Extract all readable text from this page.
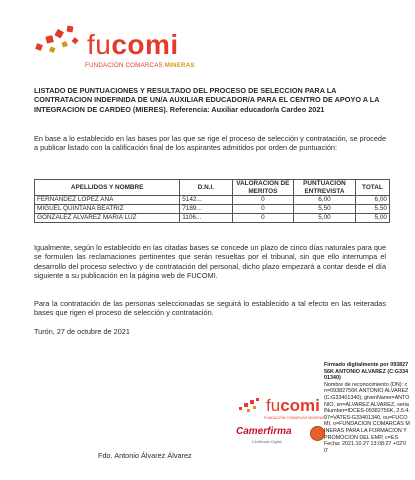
fucomi
FUNDACIÓN COMARCAS MINERAS

LISTADO DE PUNTUACIONES Y RESULTADO DEL PROCESO DE SELECCION PARA LA CONTRATACION INDEFINIDA DE UN/A AUXILIAR EDUCADOR/A PARA EL CENTRO DE APOYO A LA INTEGRACION DE CARDEO (MIERES). Referencia: Auxiliar educador/a Cardeo 2021

En base a lo establecido en las bases por las que se rige el proceso de selección y contratación, se procede a publicar listado con la calificación final de los aspirantes admitidos por orden de puntuación:

APELLIDOS Y NOMBRE	D.N.I.	VALORACION DE MERITOS	PUNTUACIÓN ENTREVISTA	TOTAL
FERNANDEZ LOPEZ ANA	5142...	0	6,00	6,00
MIGUEL QUINTANA BEATRIZ	7189...	0	5,50	5,50
GONZALEZ ALVAREZ MARIA LUZ	1106...	0	5,00	5,00

Igualmente, según lo establecido en las citadas bases se concede un plazo de cinco días naturales para que se formulen las reclamaciones pertinentes que serán resueltas por el tribunal, sin que ello interrumpa el desarrollo del proceso selectivo y de contratación del personal, dicho plazo empezará a contar desde el día siguiente a su publicación en la página web de FUCOMI.

Para la contratación de las personas seleccionadas se seguirá lo establecido a tal efecto en las reiteradas bases que rigen el proceso de selección y contratación.

Turón, 27 de octubre de 2021

fucomi
FUNDACIÓN COMARCAS MINERAS
Camerfirma
Certificado Digital

Firmado digitalmente por 09382756K ANTONIO ALVAREZ (C:G33401340)
Nombre de reconocimiento (DN): cn=09382756K ANTONIO ALVAREZ (C:G33401340), givenName=ANTONIO, sn=ALVAREZ ALVAREZ, serialNumber=IDCES-09382756K, 2.5.4.97=VATES-G33401340, ou=FUCOMI, o=FUNDACION COMARCAS MINERAS PARA LA FORMACION Y PROMOCION DEL EMP, c=ES
Fecha: 2021.10.27 13:08:27 +02'00'

Fdo. Antonio Álvarez Álvarez
